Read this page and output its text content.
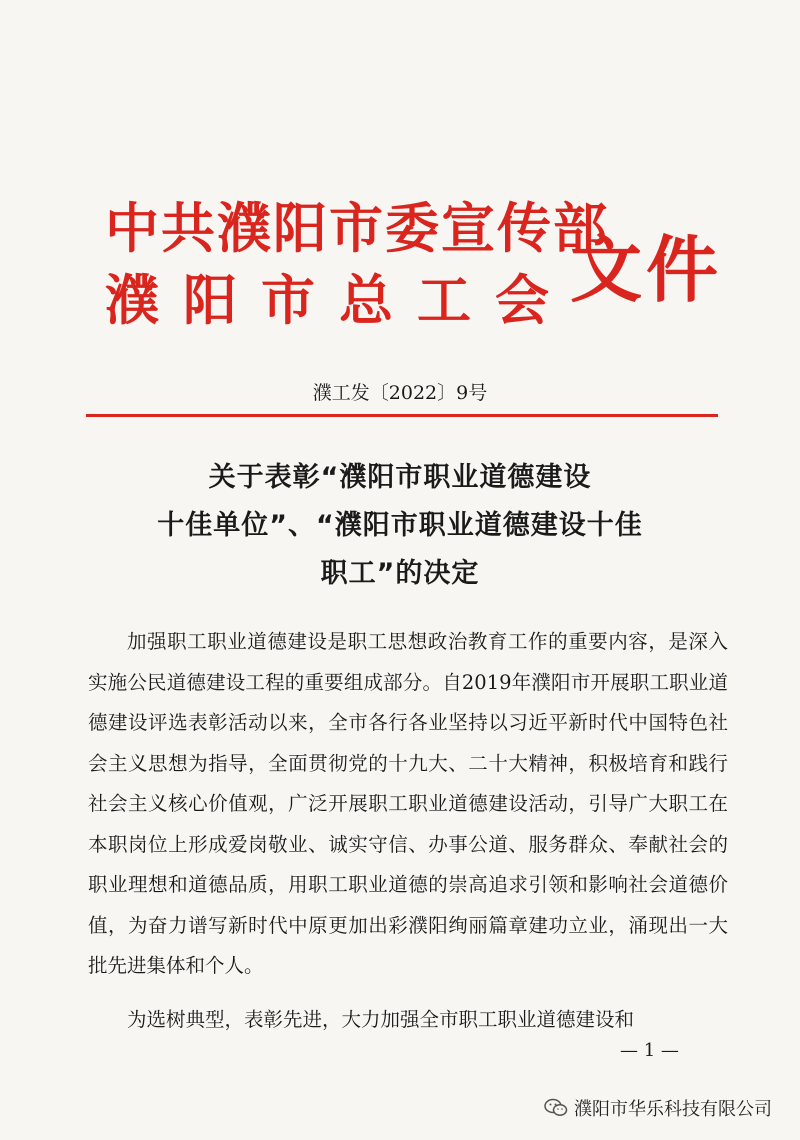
中共濮阳市委宣传部
濮阳市总工会
文件
濮工发〔2022〕9号
关于表彰“濮阳市职业道德建设
十佳单位”、“濮阳市职业道德建设十佳
职工”的决定

加强职工职业道德建设是职工思想政治教育工作的重要内容，是深入实施公民道德建设工程的重要组成部分。自2019年濮阳市开展职工职业道德建设评选表彰活动以来，全市各行各业坚持以习近平新时代中国特色社会主义思想为指导，全面贯彻党的十九大、二十大精神，积极培育和践行社会主义核心价值观，广泛开展职工职业道德建设活动，引导广大职工在本职岗位上形成爱岗敬业、诚实守信、办事公道、服务群众、奉献社会的职业理想和道德品质，用职工职业道德的崇高追求引领和影响社会道德价值，为奋力谱写新时代中原更加出彩濮阳绚丽篇章建功立业，涌现出一大批先进集体和个人。

为选树典型，表彰先进，大力加强全市职工职业道德建设和

— 1 —
濮阳市华乐科技有限公司
